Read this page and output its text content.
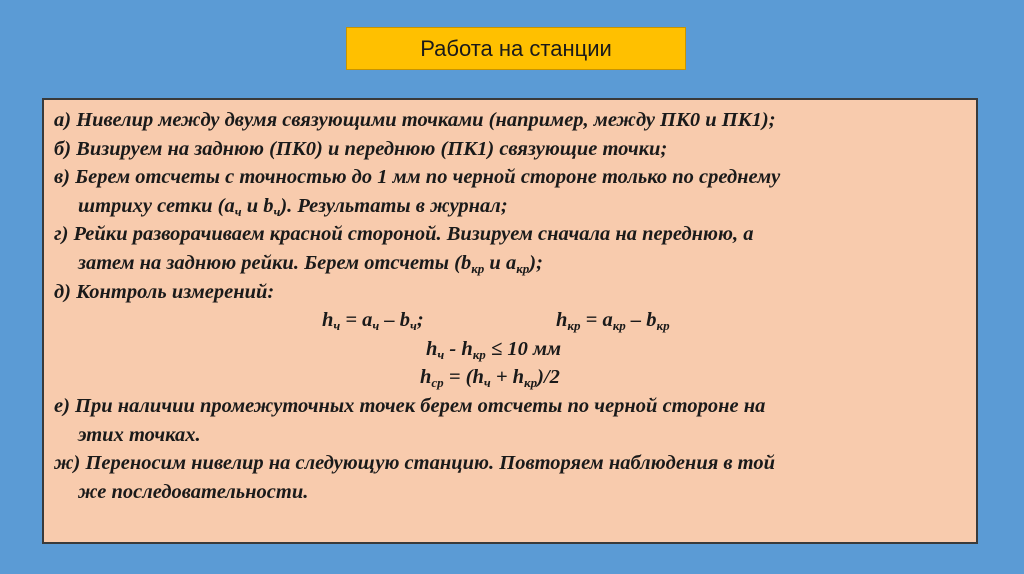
Работа на станции
а) Нивелир между двумя связующими точками (например, между ПК0 и ПК1);
б) Визируем на заднюю (ПК0) и переднюю (ПК1) связующие точки;
в) Берем отсчеты с точностью до 1 мм по черной стороне только по среднему
штриху сетки ($а_ч$ и $b_ч$). Результаты в журнал;
г) Рейки разворачиваем красной стороной. Визируем сначала на переднюю, а
затем на заднюю рейки. Берем отсчеты ($b_{кр}$ и $а_{кр}$);
д) Контроль измерений:
$h_ч = а_ч - b_ч$;	$h_{кр} = а_{кр} - b_{кр}$
$h_ч - h_{кр} \le 10$ мм
$h_{ср} = (h_ч + h_{кр})/2$
е) При наличии промежуточных точек берем отсчеты по черной стороне на
этих точках.
ж) Переносим нивелир на следующую станцию. Повторяем наблюдения в той
же последовательности.
